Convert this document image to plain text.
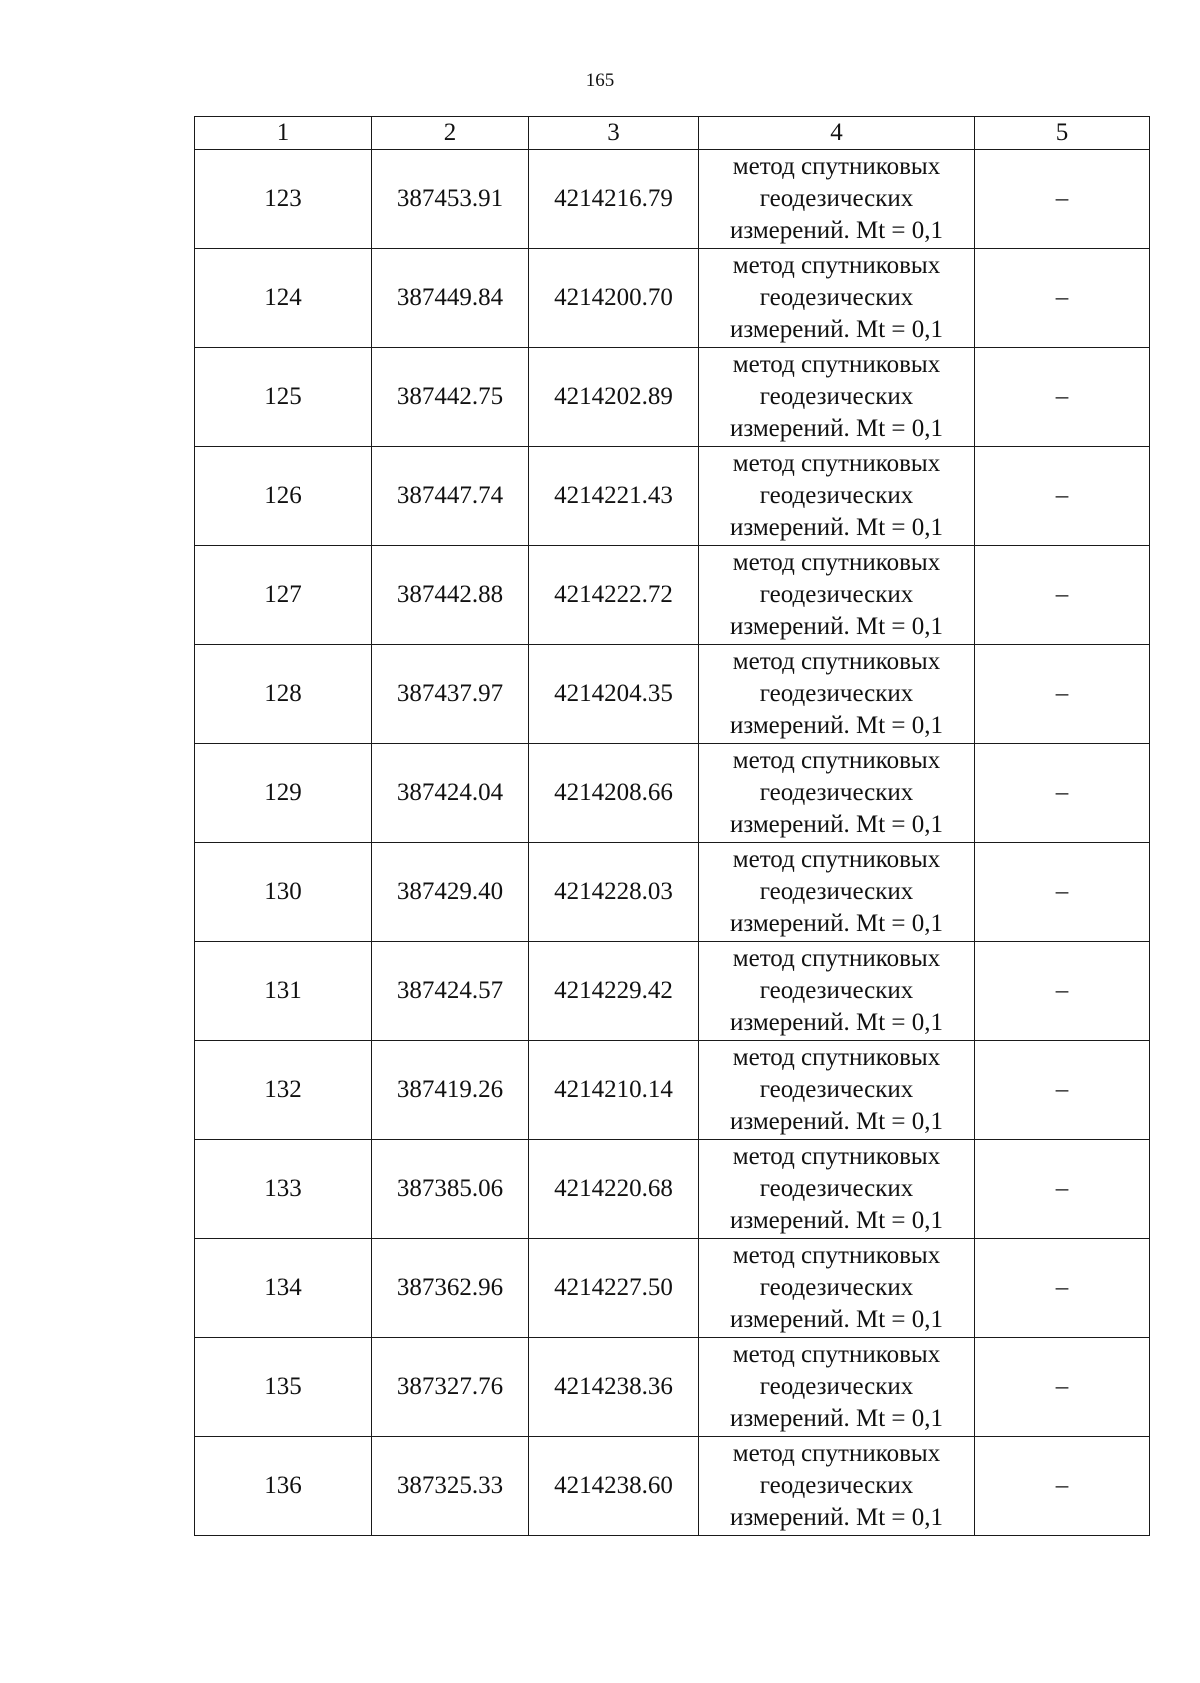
165
1	2	3	4	5
123	387453.91	4214216.79	метод спутниковых
геодезических
измерений. Mt = 0,1	–
124	387449.84	4214200.70	метод спутниковых
геодезических
измерений. Mt = 0,1	–
125	387442.75	4214202.89	метод спутниковых
геодезических
измерений. Mt = 0,1	–
126	387447.74	4214221.43	метод спутниковых
геодезических
измерений. Mt = 0,1	–
127	387442.88	4214222.72	метод спутниковых
геодезических
измерений. Mt = 0,1	–
128	387437.97	4214204.35	метод спутниковых
геодезических
измерений. Mt = 0,1	–
129	387424.04	4214208.66	метод спутниковых
геодезических
измерений. Mt = 0,1	–
130	387429.40	4214228.03	метод спутниковых
геодезических
измерений. Mt = 0,1	–
131	387424.57	4214229.42	метод спутниковых
геодезических
измерений. Mt = 0,1	–
132	387419.26	4214210.14	метод спутниковых
геодезических
измерений. Mt = 0,1	–
133	387385.06	4214220.68	метод спутниковых
геодезических
измерений. Mt = 0,1	–
134	387362.96	4214227.50	метод спутниковых
геодезических
измерений. Mt = 0,1	–
135	387327.76	4214238.36	метод спутниковых
геодезических
измерений. Mt = 0,1	–
136	387325.33	4214238.60	метод спутниковых
геодезических
измерений. Mt = 0,1	–
